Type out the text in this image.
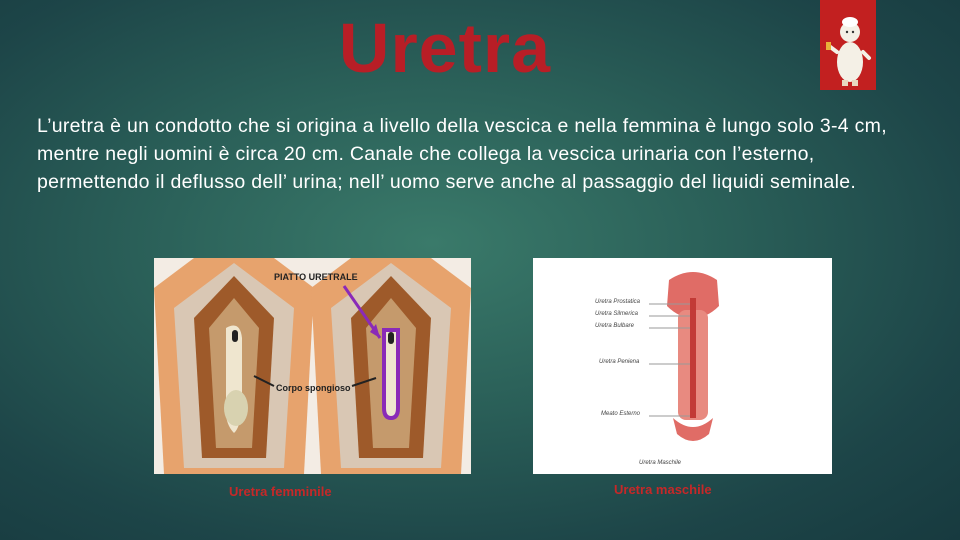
Uretra
L’uretra è un condotto che si origina a livello della vescica e nella femmina è lungo solo 3-4 cm, mentre negli uomini è circa 20 cm. Canale che collega la vescica urinaria con l’esterno, permettendo il deflusso dell’ urina; nell’ uomo serve anche al passaggio del liquidi seminale.
PIATTO URETRALE
Corpo spongioso
Uretra Prostatica
Uretra Silmerica
Uretra Bulbare
Uretra Peniena
Meato Esterno
Uretra Maschile
Uretra femminile	Uretra maschile
